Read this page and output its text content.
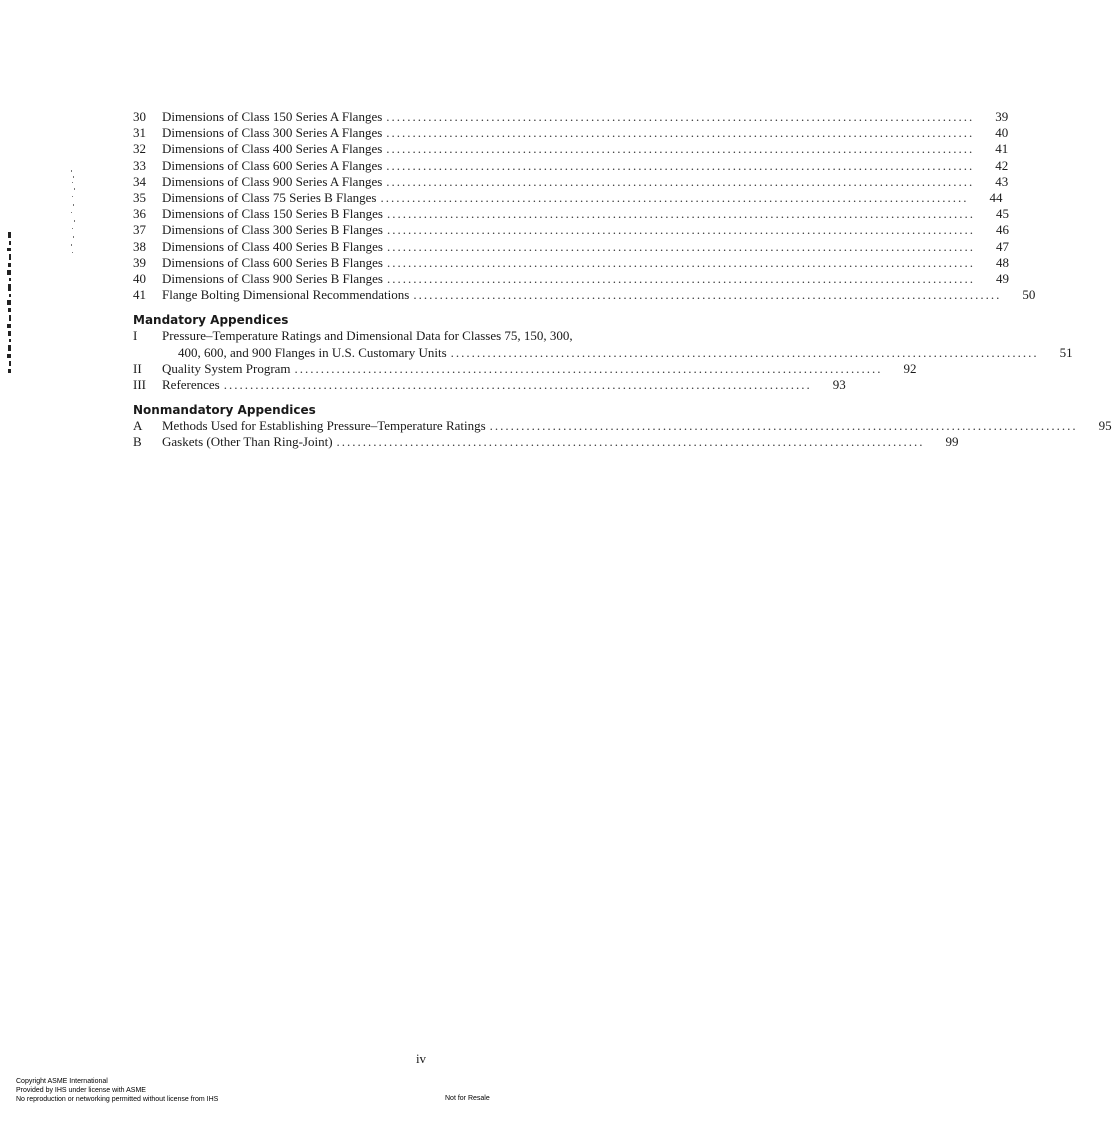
30	Dimensions of Class 150 Series A Flanges ................................................................................................................	39
31	Dimensions of Class 300 Series A Flanges ................................................................................................................	40
32	Dimensions of Class 400 Series A Flanges ................................................................................................................	41
33	Dimensions of Class 600 Series A Flanges ................................................................................................................	42
34	Dimensions of Class 900 Series A Flanges ................................................................................................................	43
35	Dimensions of Class 75 Series B Flanges ................................................................................................................	44
36	Dimensions of Class 150 Series B Flanges ................................................................................................................	45
37	Dimensions of Class 300 Series B Flanges ................................................................................................................	46
38	Dimensions of Class 400 Series B Flanges ................................................................................................................	47
39	Dimensions of Class 600 Series B Flanges ................................................................................................................	48
40	Dimensions of Class 900 Series B Flanges ................................................................................................................	49
41	Flange Bolting Dimensional Recommendations ................................................................................................................	50
Mandatory Appendices
I	Pressure–Temperature Ratings and Dimensional Data for Classes 75, 150, 300,
400, 600, and 900 Flanges in U.S. Customary Units ................................................................................................................	51
II	Quality System Program ................................................................................................................	92
III	References ................................................................................................................	93
Nonmandatory Appendices
A	Methods Used for Establishing Pressure–Temperature Ratings ................................................................................................................	95
B	Gaskets (Other Than Ring-Joint) ................................................................................................................	99
iv
Copyright ASME International
Provided by IHS under license with ASME
No reproduction or networking permitted without license from IHS	Not for Resale
